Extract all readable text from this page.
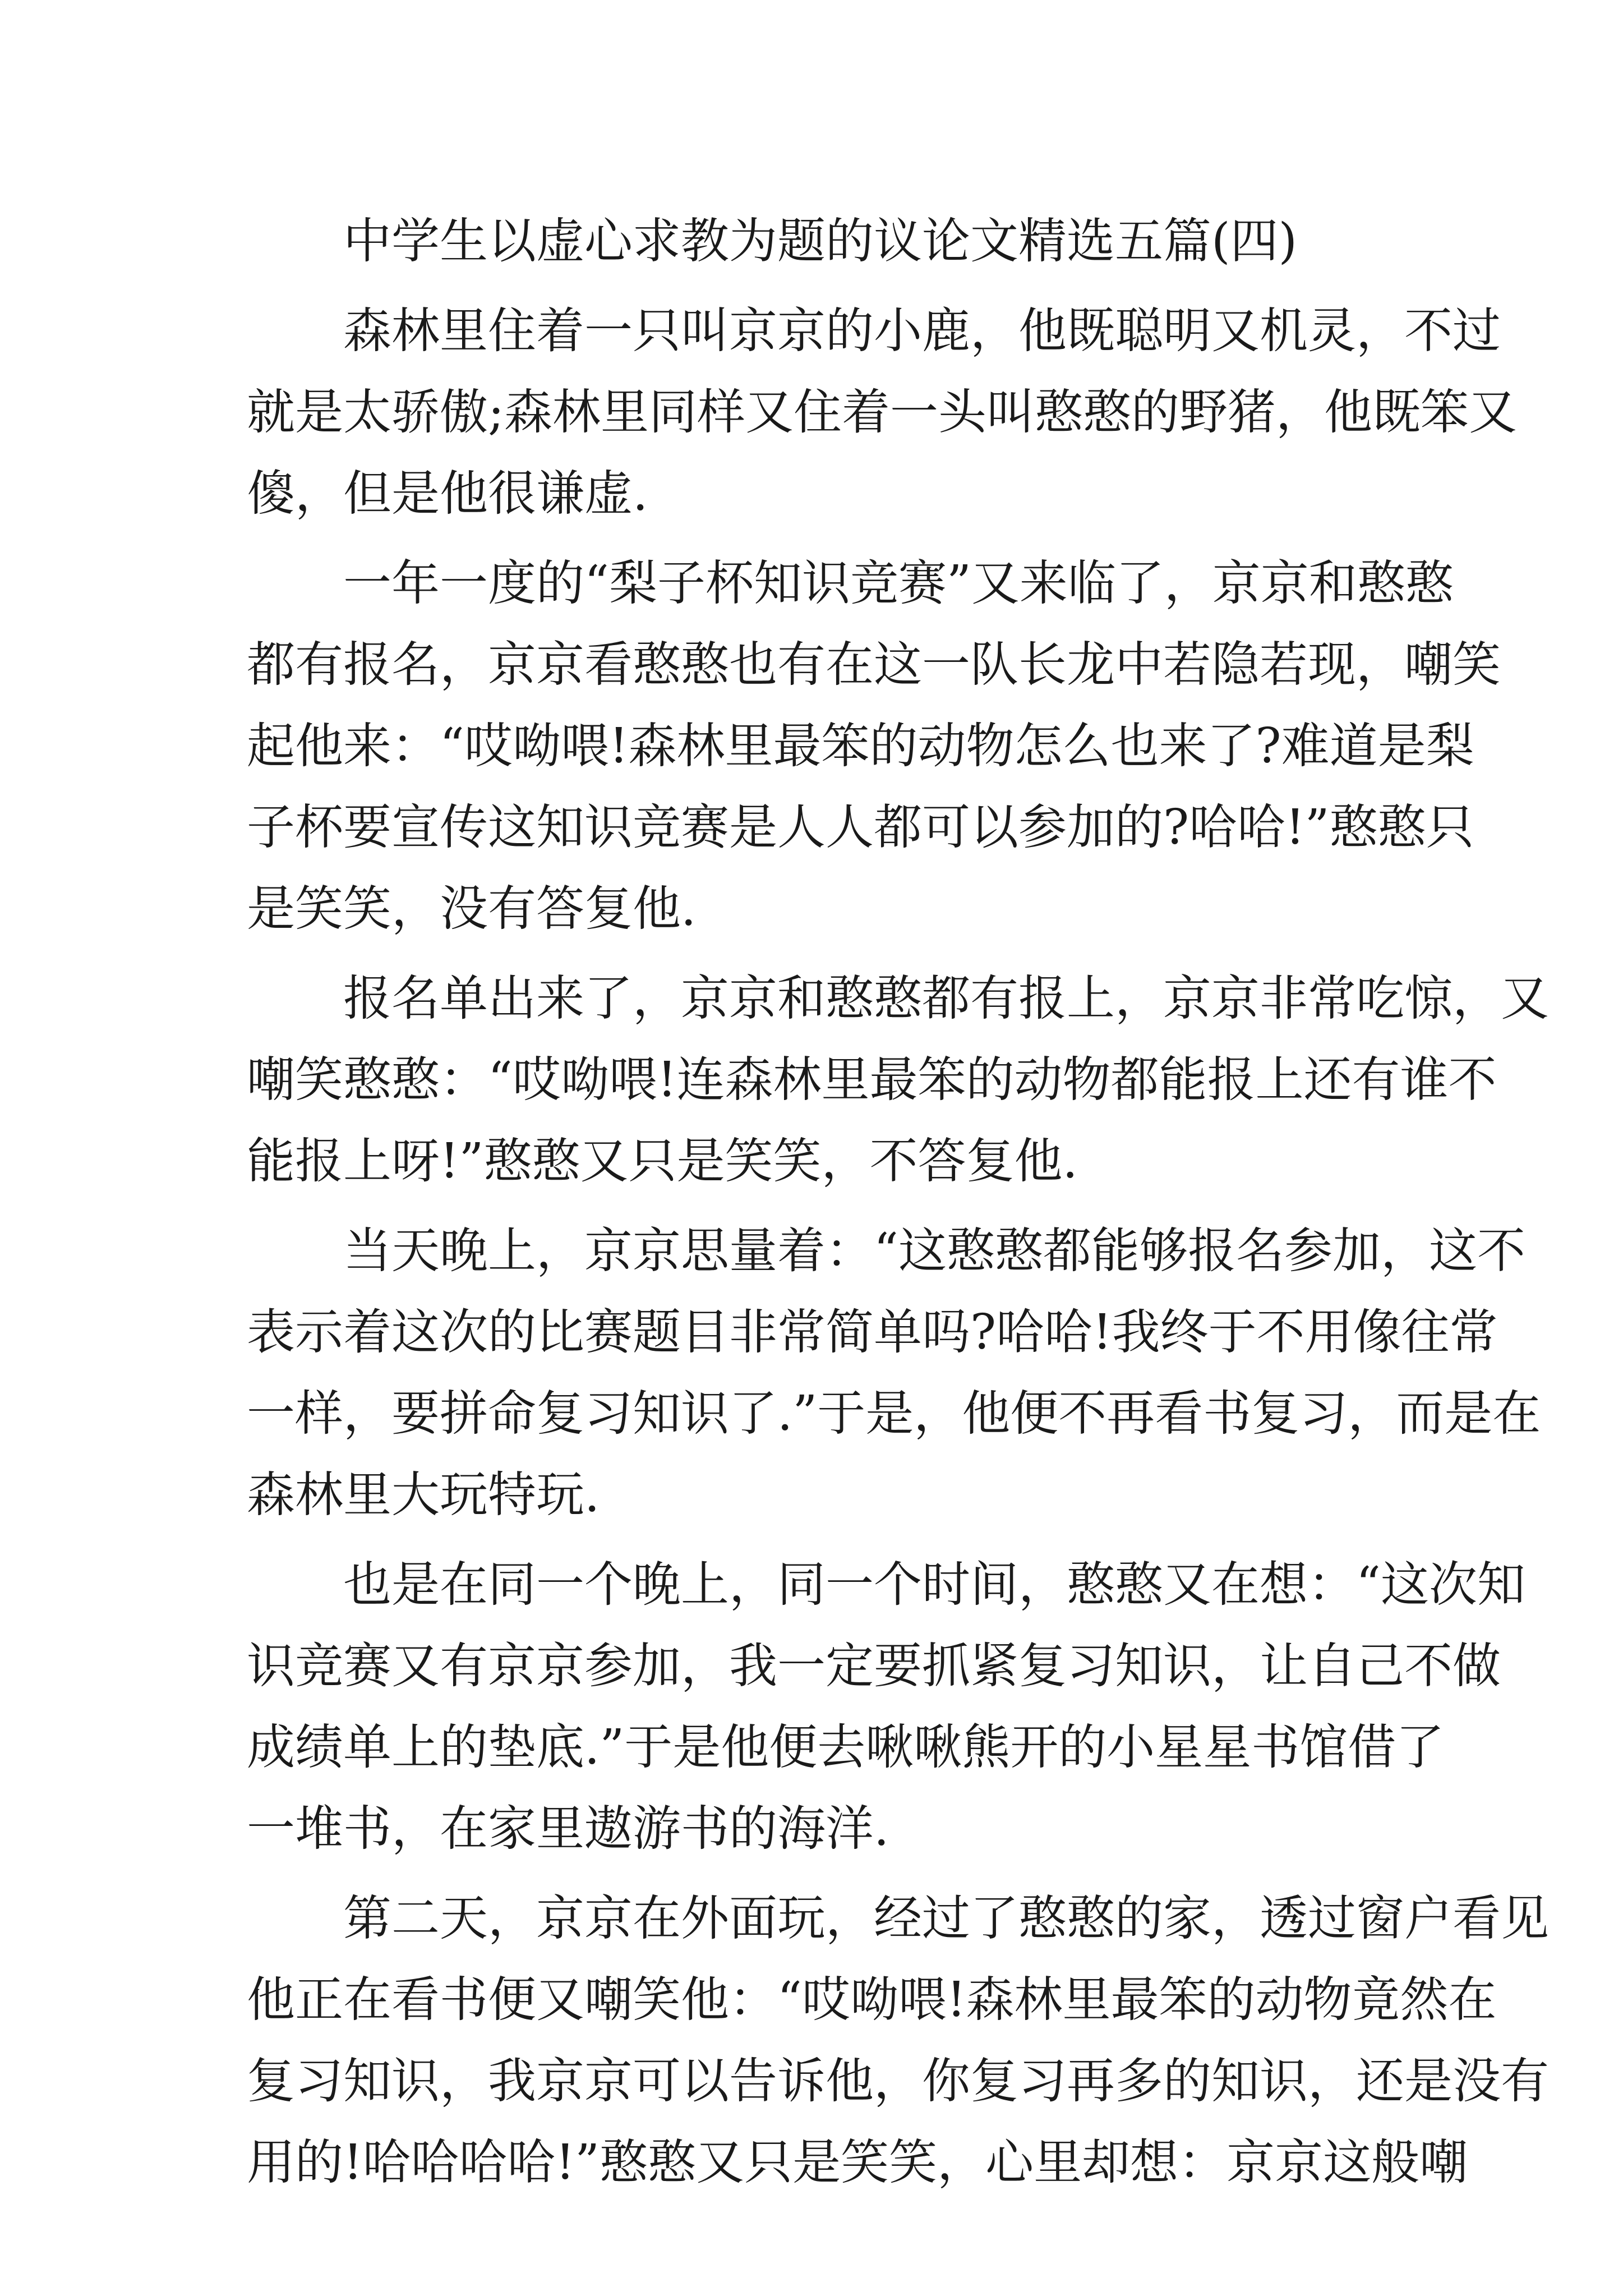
中学生以虚心求教为题的议论文精选五篇(四)
森林里住着一只叫京京的小鹿，他既聪明又机灵，不过
就是太骄傲;森林里同样又住着一头叫憨憨的野猪，他既笨又
傻，但是他很谦虚.
一年一度的“梨子杯知识竞赛”又来临了，京京和憨憨
都有报名，京京看憨憨也有在这一队长龙中若隐若现，嘲笑
起他来：“哎呦喂!森林里最笨的动物怎么也来了?难道是梨
子杯要宣传这知识竞赛是人人都可以参加的?哈哈!”憨憨只
是笑笑，没有答复他.
报名单出来了，京京和憨憨都有报上，京京非常吃惊，又
嘲笑憨憨：“哎呦喂!连森林里最笨的动物都能报上还有谁不
能报上呀!”憨憨又只是笑笑，不答复他.
当天晚上，京京思量着：“这憨憨都能够报名参加，这不
表示着这次的比赛题目非常简单吗?哈哈!我终于不用像往常
一样，要拼命复习知识了.”于是，他便不再看书复习，而是在
森林里大玩特玩.
也是在同一个晚上，同一个时间，憨憨又在想：“这次知
识竞赛又有京京参加，我一定要抓紧复习知识，让自己不做
成绩单上的垫底.”于是他便去啾啾熊开的小星星书馆借了
一堆书，在家里遨游书的海洋.
第二天，京京在外面玩，经过了憨憨的家，透过窗户看见
他正在看书便又嘲笑他：“哎呦喂!森林里最笨的动物竟然在
复习知识，我京京可以告诉他，你复习再多的知识，还是没有
用的!哈哈哈哈!”憨憨又只是笑笑，心里却想：京京这般嘲
